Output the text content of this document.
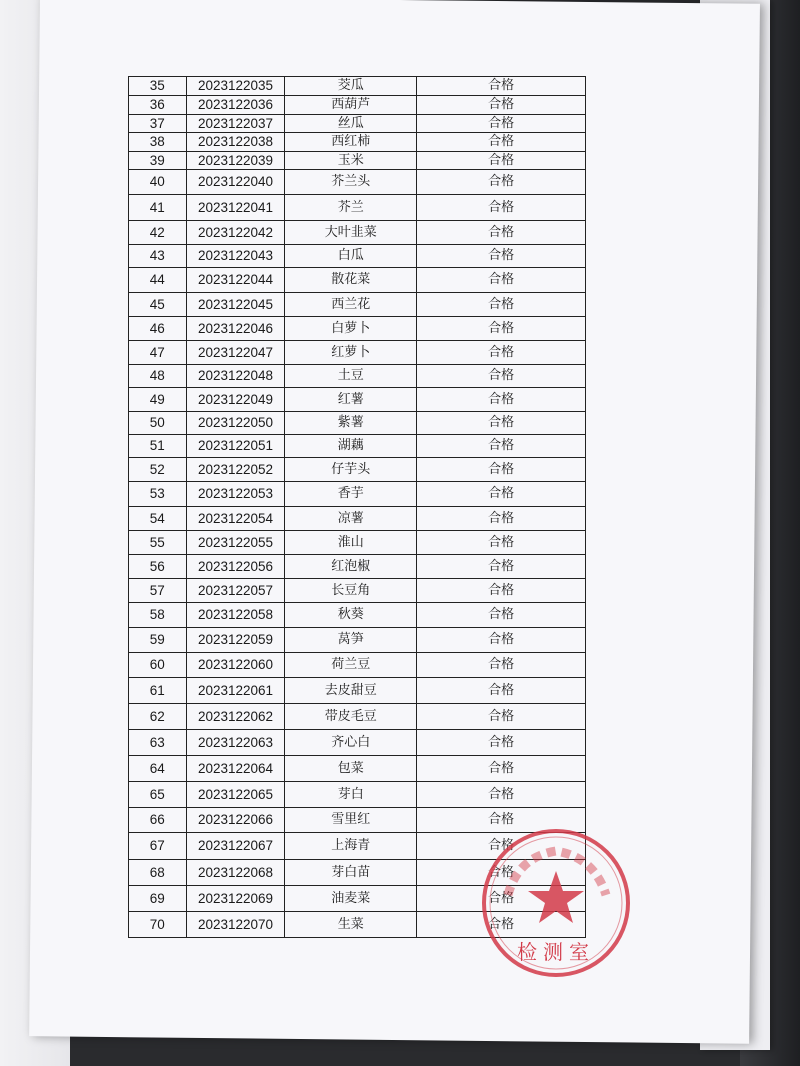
35	2023122035	茭瓜	合格
36	2023122036	西葫芦	合格
37	2023122037	丝瓜	合格
38	2023122038	西红柿	合格
39	2023122039	玉米	合格
40	2023122040	芥兰头	合格
41	2023122041	芥兰	合格
42	2023122042	大叶韭菜	合格
43	2023122043	白瓜	合格
44	2023122044	散花菜	合格
45	2023122045	西兰花	合格
46	2023122046	白萝卜	合格
47	2023122047	红萝卜	合格
48	2023122048	土豆	合格
49	2023122049	红薯	合格
50	2023122050	紫薯	合格
51	2023122051	湖藕	合格
52	2023122052	仔芋头	合格
53	2023122053	香芋	合格
54	2023122054	凉薯	合格
55	2023122055	淮山	合格
56	2023122056	红泡椒	合格
57	2023122057	长豆角	合格
58	2023122058	秋葵	合格
59	2023122059	莴笋	合格
60	2023122060	荷兰豆	合格
61	2023122061	去皮甜豆	合格
62	2023122062	带皮毛豆	合格
63	2023122063	齐心白	合格
64	2023122064	包菜	合格
65	2023122065	芽白	合格
66	2023122066	雪里红	合格
67	2023122067	上海青	合格
68	2023122068	芽白苗	合格
69	2023122069	油麦菜	合格
70	2023122070	生菜	合格
检测室
